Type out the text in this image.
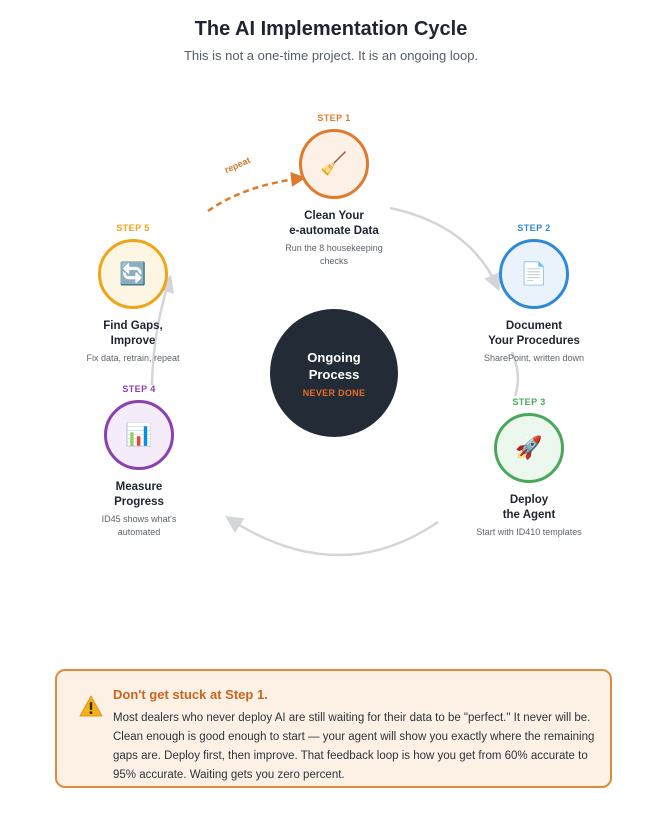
The AI Implementation Cycle
This is not a one-time project. It is an ongoing loop.
repeat
STEP 1
🧹
Clean Your
e-automate Data
Run the 8 housekeeping
checks
STEP 2
📄
Document
Your Procedures
SharePoint, written down
STEP 3
🚀
Deploy
the Agent
Start with ID410 templates
STEP 4
📊
Measure
Progress
ID45 shows what's
automated
STEP 5
🔄
Find Gaps,
Improve
Fix data, retrain, repeat	Ongoing
Process
NEVER DONE
Don't get stuck at Step 1.
Most dealers who never deploy AI are still waiting for their data to be "perfect." It never will be. Clean enough is good enough to start — your agent will show you exactly where the remaining gaps are. Deploy first, then improve. That feedback loop is how you get from 60% accurate to 95% accurate. Waiting gets you zero percent.
